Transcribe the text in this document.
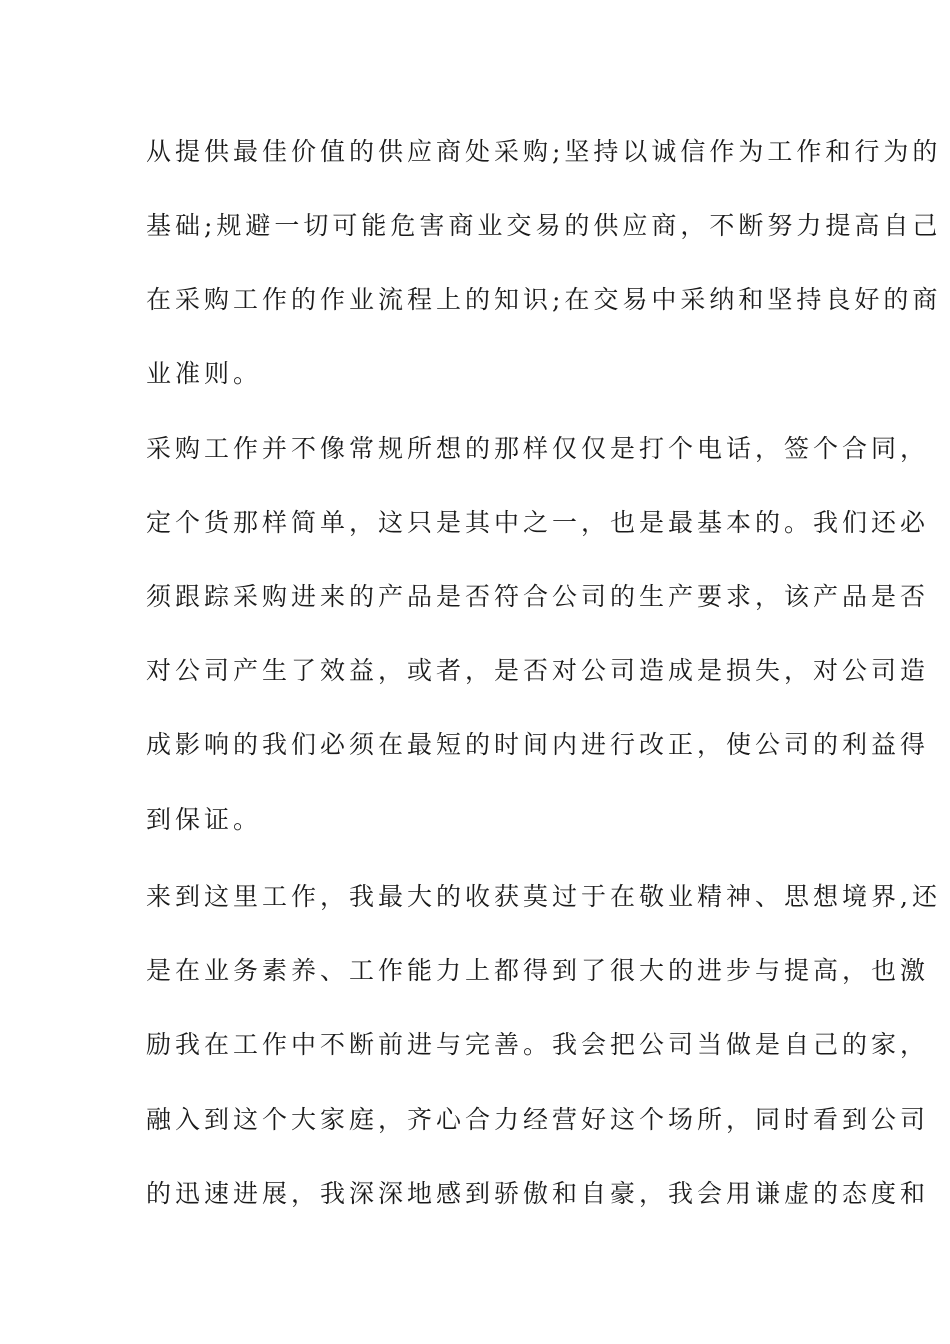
从提供最佳价值的供应商处采购;坚持以诚信作为工作和行为的
基础;规避一切可能危害商业交易的供应商，不断努力提高自己
在采购工作的作业流程上的知识;在交易中采纳和坚持良好的商
业准则。
采购工作并不像常规所想的那样仅仅是打个电话，签个合同，
定个货那样简单，这只是其中之一，也是最基本的。我们还必
须跟踪采购进来的产品是否符合公司的生产要求，该产品是否
对公司产生了效益，或者，是否对公司造成是损失，对公司造
成影响的我们必须在最短的时间内进行改正，使公司的利益得
到保证。
来到这里工作，我最大的收获莫过于在敬业精神、思想境界,还
是在业务素养、工作能力上都得到了很大的进步与提高，也激
励我在工作中不断前进与完善。我会把公司当做是自己的家，
融入到这个大家庭，齐心合力经营好这个场所，同时看到公司
的迅速进展，我深深地感到骄傲和自豪，我会用谦虚的态度和
